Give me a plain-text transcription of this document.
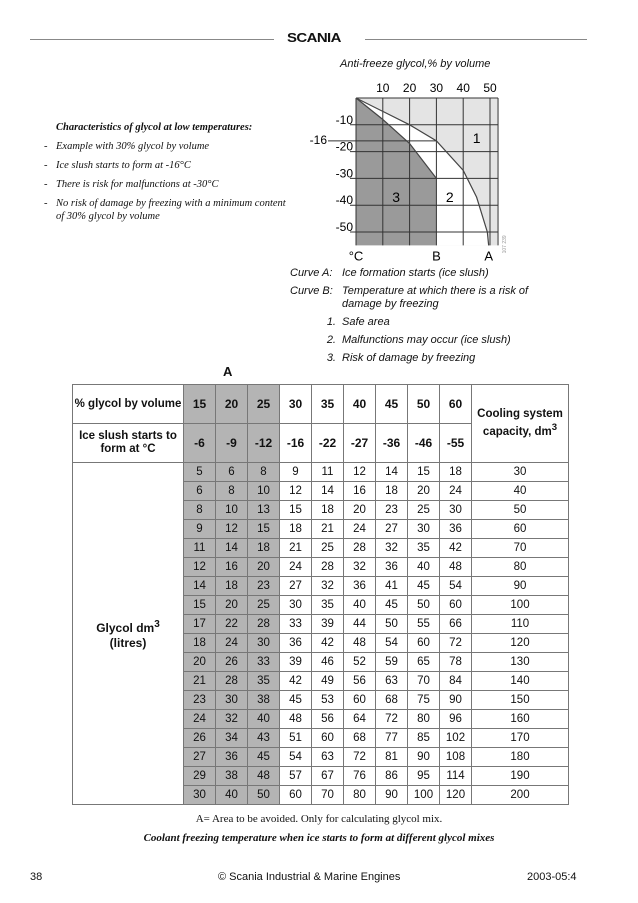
SCANIA
Anti-freeze glycol,% by volume
10 20 30 40 50
-10
-20
-30
-40
-50
-16
°C	B	A
1
2
3
107 239
Characteristics of glycol at low temperatures:
- Example with 30% glycol by volume
- Ice slush starts to form at -16°C
- There is risk for malfunctions at -30°C
- No risk of damage by freezing with a minimum content of 30% glycol by volume
Curve A: Ice formation starts (ice slush)
Curve B: Temperature at which there is a risk of damage by freezing
1. Safe area
2. Malfunctions may occur (ice slush)
3. Risk of damage by freezing
A
% glycol by volume	15	20	25	30	35	40	45	50	60	Cooling system capacity, $dm^3$
Ice slush starts to form at °C	-6	-9	-12	-16	-22	-27	-36	-46	-55	
Glycol $dm^3$
(litres)	5	6	8	9	11	12	14	15	18	30
	6	8	10	12	14	16	18	20	24	40
	8	10	13	15	18	20	23	25	30	50
	9	12	15	18	21	24	27	30	36	60
	11	14	18	21	25	28	32	35	42	70
	12	16	20	24	28	32	36	40	48	80
	14	18	23	27	32	36	41	45	54	90
	15	20	25	30	35	40	45	50	60	100
	17	22	28	33	39	44	50	55	66	110
	18	24	30	36	42	48	54	60	72	120
	20	26	33	39	46	52	59	65	78	130
	21	28	35	42	49	56	63	70	84	140
	23	30	38	45	53	60	68	75	90	150
	24	32	40	48	56	64	72	80	96	160
	26	34	43	51	60	68	77	85	102	170
	27	36	45	54	63	72	81	90	108	180
	29	38	48	57	67	76	86	95	114	190
	30	40	50	60	70	80	90	100	120	200
A= Area to be avoided. Only for calculating glycol mix.
Coolant freezing temperature when ice starts to form at different glycol mixes
38	© Scania Industrial & Marine Engines	2003-05:4
